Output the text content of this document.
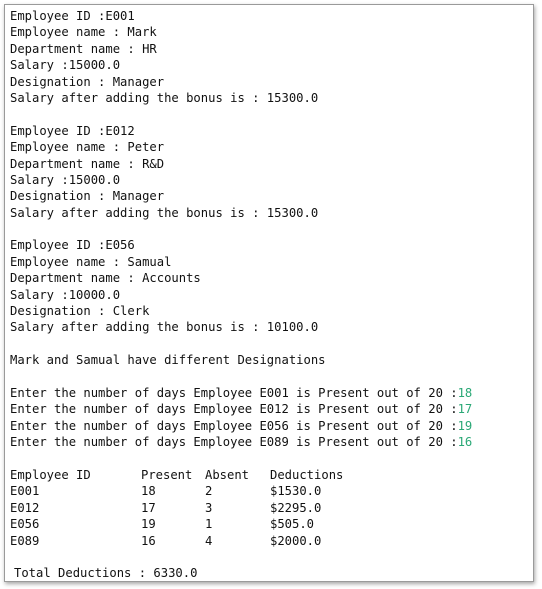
Employee ID :E001
Employee name : Mark
Department name : HR
Salary :15000.0
Designation : Manager
Salary after adding the bonus is : 15300.0
Employee ID :E012
Employee name : Peter
Department name : R&D
Salary :15000.0
Designation : Manager
Salary after adding the bonus is : 15300.0
Employee ID :E056
Employee name : Samual
Department name : Accounts
Salary :10000.0
Designation : Clerk
Salary after adding the bonus is : 10100.0
Mark and Samual have different Designations
Enter the number of days Employee E001 is Present out of 20 :18
Enter the number of days Employee E012 is Present out of 20 :17
Enter the number of days Employee E056 is Present out of 20 :19
Enter the number of days Employee E089 is Present out of 20 :16
Employee ID	Present Absent Deductions
E001	18	2	$1530.0
E012	17	3	$2295.0
E056	19	1	$505.0
E089	16	4	$2000.0
Total Deductions : 6330.0
